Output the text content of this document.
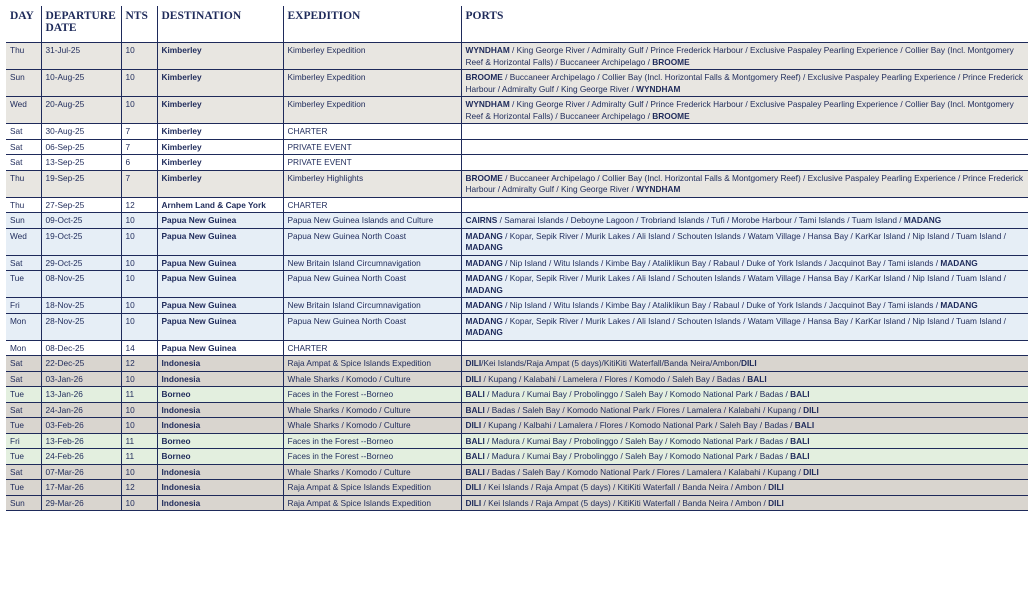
DAY	DEPARTURE
DATE	NTS	DESTINATION	EXPEDITION	PORTS
Thu	31-Jul-25	10	Kimberley	Kimberley Expedition	WYNDHAM / King George River / Admiralty Gulf / Prince Frederick Harbour / Exclusive Paspaley Pearling Experience / Collier Bay (Incl. Montgomery Reef & Horizontal Falls) / Buccaneer Archipelago / BROOME
Sun	10-Aug-25	10	Kimberley	Kimberley Expedition	BROOME / Buccaneer Archipelago / Collier Bay (Incl. Horizontal Falls & Montgomery Reef) / Exclusive Paspaley Pearling Experience / Prince Frederick Harbour / Admiralty Gulf / King George River / WYNDHAM
Wed	20-Aug-25	10	Kimberley	Kimberley Expedition	WYNDHAM / King George River / Admiralty Gulf / Prince Frederick Harbour / Exclusive Paspaley Pearling Experience / Collier Bay (Incl. Montgomery Reef & Horizontal Falls) / Buccaneer Archipelago / BROOME
Sat	30-Aug-25	7	Kimberley	CHARTER	
Sat	06-Sep-25	7	Kimberley	PRIVATE EVENT	
Sat	13-Sep-25	6	Kimberley	PRIVATE EVENT	
Thu	19-Sep-25	7	Kimberley	Kimberley Highlights	BROOME / Buccaneer Archipelago / Collier Bay (Incl. Horizontal Falls & Montgomery Reef) / Exclusive Paspaley Pearling Experience / Prince Frederick Harbour / Admiralty Gulf / King George River / WYNDHAM
Thu	27-Sep-25	12	Arnhem Land & Cape York	CHARTER	
Sun	09-Oct-25	10	Papua New Guinea	Papua New Guinea Islands and Culture	CAIRNS / Samarai Islands / Deboyne Lagoon / Trobriand Islands / Tufi / Morobe Harbour / Tami Islands / Tuam Island / MADANG
Wed	19-Oct-25	10	Papua New Guinea	Papua New Guinea North Coast	MADANG / Kopar, Sepik River / Murik Lakes / Ali Island / Schouten Islands / Watam Village / Hansa Bay / KarKar Island / Nip Island / Tuam Island / MADANG
Sat	29-Oct-25	10	Papua New Guinea	New Britain Island Circumnavigation	MADANG / Nip Island / Witu Islands / Kimbe Bay / Ataliklikun Bay / Rabaul / Duke of York Islands / Jacquinot Bay / Tami islands / MADANG
Tue	08-Nov-25	10	Papua New Guinea	Papua New Guinea North Coast	MADANG / Kopar, Sepik River / Murik Lakes / Ali Island / Schouten Islands / Watam Village / Hansa Bay / KarKar Island / Nip Island / Tuam Island / MADANG
Fri	18-Nov-25	10	Papua New Guinea	New Britain Island Circumnavigation	MADANG / Nip Island / Witu Islands / Kimbe Bay / Ataliklikun Bay / Rabaul / Duke of York Islands / Jacquinot Bay / Tami islands / MADANG
Mon	28-Nov-25	10	Papua New Guinea	Papua New Guinea North Coast	MADANG / Kopar, Sepik River / Murik Lakes / Ali Island / Schouten Islands / Watam Village / Hansa Bay / KarKar Island / Nip Island / Tuam Island / MADANG
Mon	08-Dec-25	14	Papua New Guinea	CHARTER	
Sat	22-Dec-25	12	Indonesia	Raja Ampat & Spice Islands Expedition	DILI/Kei Islands/Raja Ampat (5 days)/KitiKiti Waterfall/Banda Neira/Ambon/DILI
Sat	03-Jan-26	10	Indonesia	Whale Sharks / Komodo / Culture	DILI / Kupang / Kalabahi / Lamelera / Flores / Komodo / Saleh Bay / Badas / BALI
Tue	13-Jan-26	11	Borneo	Faces in the Forest --Borneo	BALI / Madura / Kumai Bay / Probolinggo / Saleh Bay / Komodo National Park / Badas / BALI
Sat	24-Jan-26	10	Indonesia	Whale Sharks / Komodo / Culture	BALI / Badas / Saleh Bay / Komodo National Park / Flores / Lamalera / Kalabahi / Kupang / DILI
Tue	03-Feb-26	10	Indonesia	Whale Sharks / Komodo / Culture	DILI / Kupang / Kalbahi / Lamalera / Flores / Komodo National Park / Saleh Bay / Badas / BALI
Fri	13-Feb-26	11	Borneo	Faces in the Forest --Borneo	BALI / Madura / Kumai Bay / Probolinggo / Saleh Bay / Komodo National Park / Badas / BALI
Tue	24-Feb-26	11	Borneo	Faces in the Forest --Borneo	BALI / Madura / Kumai Bay / Probolinggo / Saleh Bay / Komodo National Park / Badas / BALI
Sat	07-Mar-26	10	Indonesia	Whale Sharks / Komodo / Culture	BALI / Badas / Saleh Bay / Komodo National Park / Flores / Lamalera / Kalabahi / Kupang / DILI
Tue	17-Mar-26	12	Indonesia	Raja Ampat & Spice Islands Expedition	DILI / Kei Islands / Raja Ampat (5 days) / KitiKiti Waterfall / Banda Neira / Ambon / DILI
Sun	29-Mar-26	10	Indonesia	Raja Ampat & Spice Islands Expedition	DILI / Kei Islands / Raja Ampat (5 days) / KitiKiti Waterfall / Banda Neira / Ambon / DILI
